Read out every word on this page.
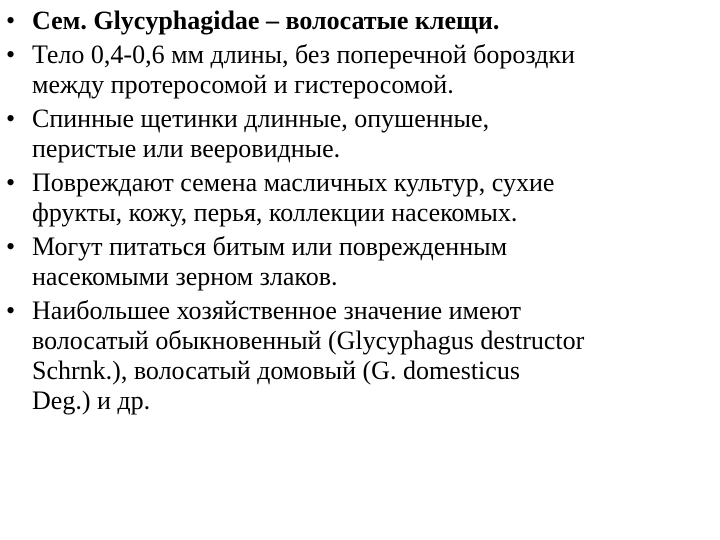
• Сем. Glycyphagidae – волосатые клещи.
• Тело 0,4-0,6 мм длины, без поперечной бороздки
между протеросомой и гистеросомой.
• Спинные щетинки длинные, опушенные,
перистые или вееровидные.
• Повреждают семена масличных культур, сухие
фрукты, кожу, перья, коллекции насекомых.
• Могут питаться битым или поврежденным
насекомыми зерном злаков.
• Наибольшее хозяйственное значение имеют
волосатый обыкновенный (Glycyphagus destructor
Schrnk.), волосатый домовый (G. domesticus
Deg.) и др.
